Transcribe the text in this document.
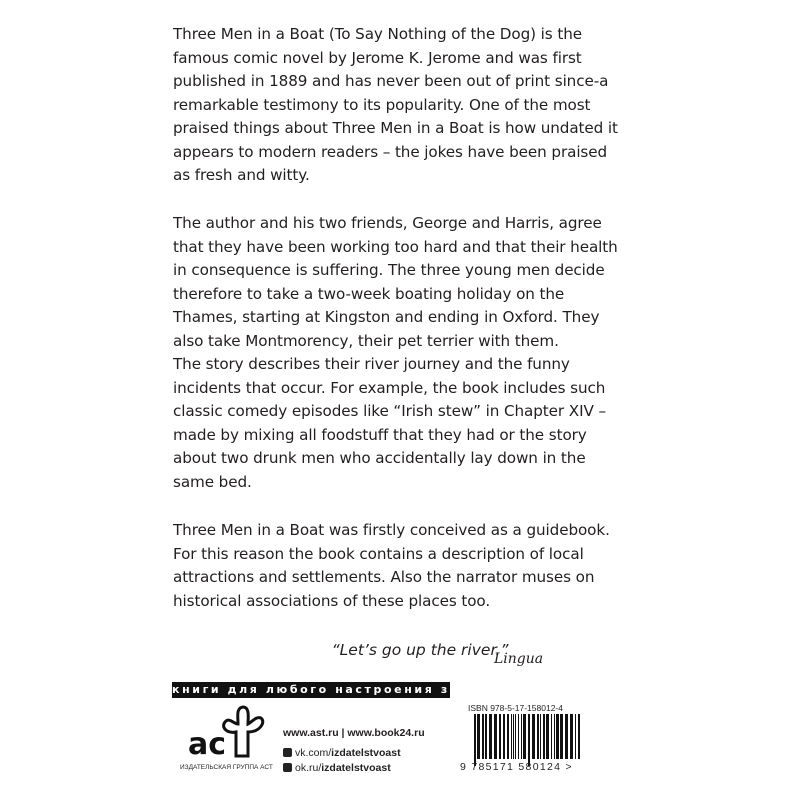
Three Men in a Boat (To Say Nothing of the Dog) is the
famous comic novel by Jerome K. Jerome and was first
published in 1889 and has never been out of print since-a
remarkable testimony to its popularity. One of the most
praised things about Three Men in a Boat is how undated it
appears to modern readers – the jokes have been praised
as fresh and witty.
The author and his two friends, George and Harris, agree
that they have been working too hard and that their health
in consequence is suffering. The three young men decide
therefore to take a two-week boating holiday on the
Thames, starting at Kingston and ending in Oxford. They
also take Montmorency, their pet terrier with them.
The story describes their river journey and the funny
incidents that occur. For example, the book includes such
classic comedy episodes like “Irish stew” in Chapter XIV –
made by mixing all foodstuff that they had or the story
about two drunk men who accidentally lay down in the
same bed.
Three Men in a Boat was firstly conceived as a guidebook.
For this reason the book contains a description of local
attractions and settlements. Also the narrator muses on
historical associations of these places too.
“Let’s go up the river.”
книги для любого настроения здесь
ac
ИЗДАТЕЛЬСКАЯ ГРУППА АСТ
www.ast.ru | www.book24.ru
vk.com/izdatelstvoast
ok.ru/izdatelstvoast
Lingua
ISBN 978-5-17-158012-4
9 785171 580124 >
